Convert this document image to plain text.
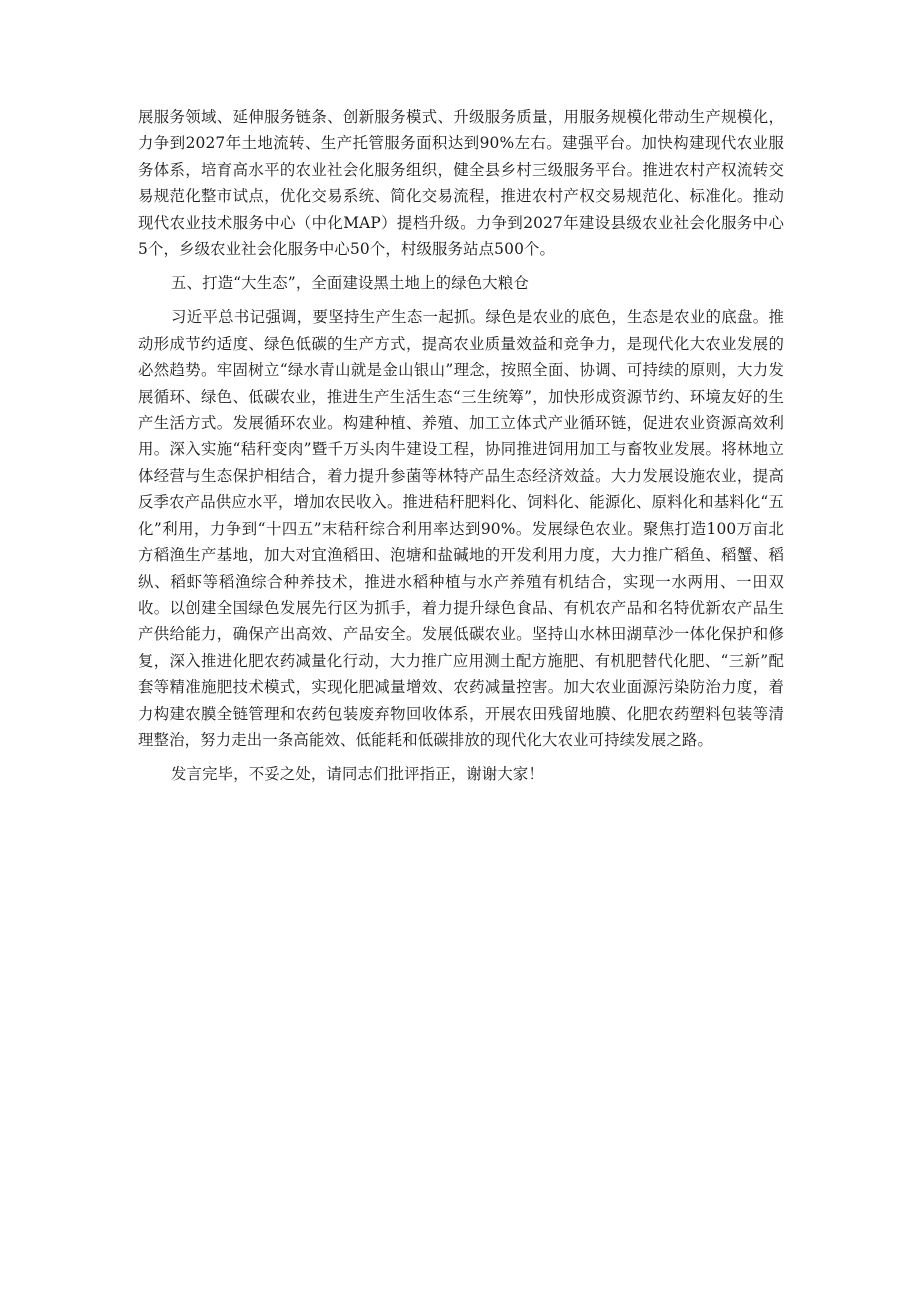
展服务领域、延伸服务链条、创新服务模式、升级服务质量，用服务规模化带动生产规模化，力争到2027年土地流转、生产托管服务面积达到90%左右。建强平台。加快构建现代农业服务体系，培育高水平的农业社会化服务组织，健全县乡村三级服务平台。推进农村产权流转交易规范化整市试点，优化交易系统、简化交易流程，推进农村产权交易规范化、标准化。推动现代农业技术服务中心（中化MAP）提档升级。力争到2027年建设县级农业社会化服务中心5个，乡级农业社会化服务中心50个，村级服务站点500个。

五、打造“大生态”，全面建设黑土地上的绿色大粮仓

习近平总书记强调，要坚持生产生态一起抓。绿色是农业的底色，生态是农业的底盘。推动形成节约适度、绿色低碳的生产方式，提高农业质量效益和竞争力，是现代化大农业发展的必然趋势。牢固树立“绿水青山就是金山银山”理念，按照全面、协调、可持续的原则，大力发展循环、绿色、低碳农业，推进生产生活生态“三生统筹”，加快形成资源节约、环境友好的生产生活方式。发展循环农业。构建种植、养殖、加工立体式产业循环链，促进农业资源高效利用。深入实施“秸秆变肉”暨千万头肉牛建设工程，协同推进饲用加工与畜牧业发展。将林地立体经营与生态保护相结合，着力提升参菌等林特产品生态经济效益。大力发展设施农业，提高反季农产品供应水平，增加农民收入。推进秸秆肥料化、饲料化、能源化、原料化和基料化“五化”利用，力争到“十四五”末秸秆综合利用率达到90%。发展绿色农业。聚焦打造100万亩北方稻渔生产基地，加大对宜渔稻田、泡塘和盐碱地的开发利用力度，大力推广稻鱼、稻蟹、稻纵、稻虾等稻渔综合种养技术，推进水稻种植与水产养殖有机结合，实现一水两用、一田双收。以创建全国绿色发展先行区为抓手，着力提升绿色食品、有机农产品和名特优新农产品生产供给能力，确保产出高效、产品安全。发展低碳农业。坚持山水林田湖草沙一体化保护和修复，深入推进化肥农药减量化行动，大力推广应用测土配方施肥、有机肥替代化肥、“三新”配套等精准施肥技术模式，实现化肥减量增效、农药减量控害。加大农业面源污染防治力度，着力构建农膜全链管理和农药包装废弃物回收体系，开展农田残留地膜、化肥农药塑料包装等清理整治，努力走出一条高能效、低能耗和低碳排放的现代化大农业可持续发展之路。

发言完毕，不妥之处，请同志们批评指正，谢谢大家！
